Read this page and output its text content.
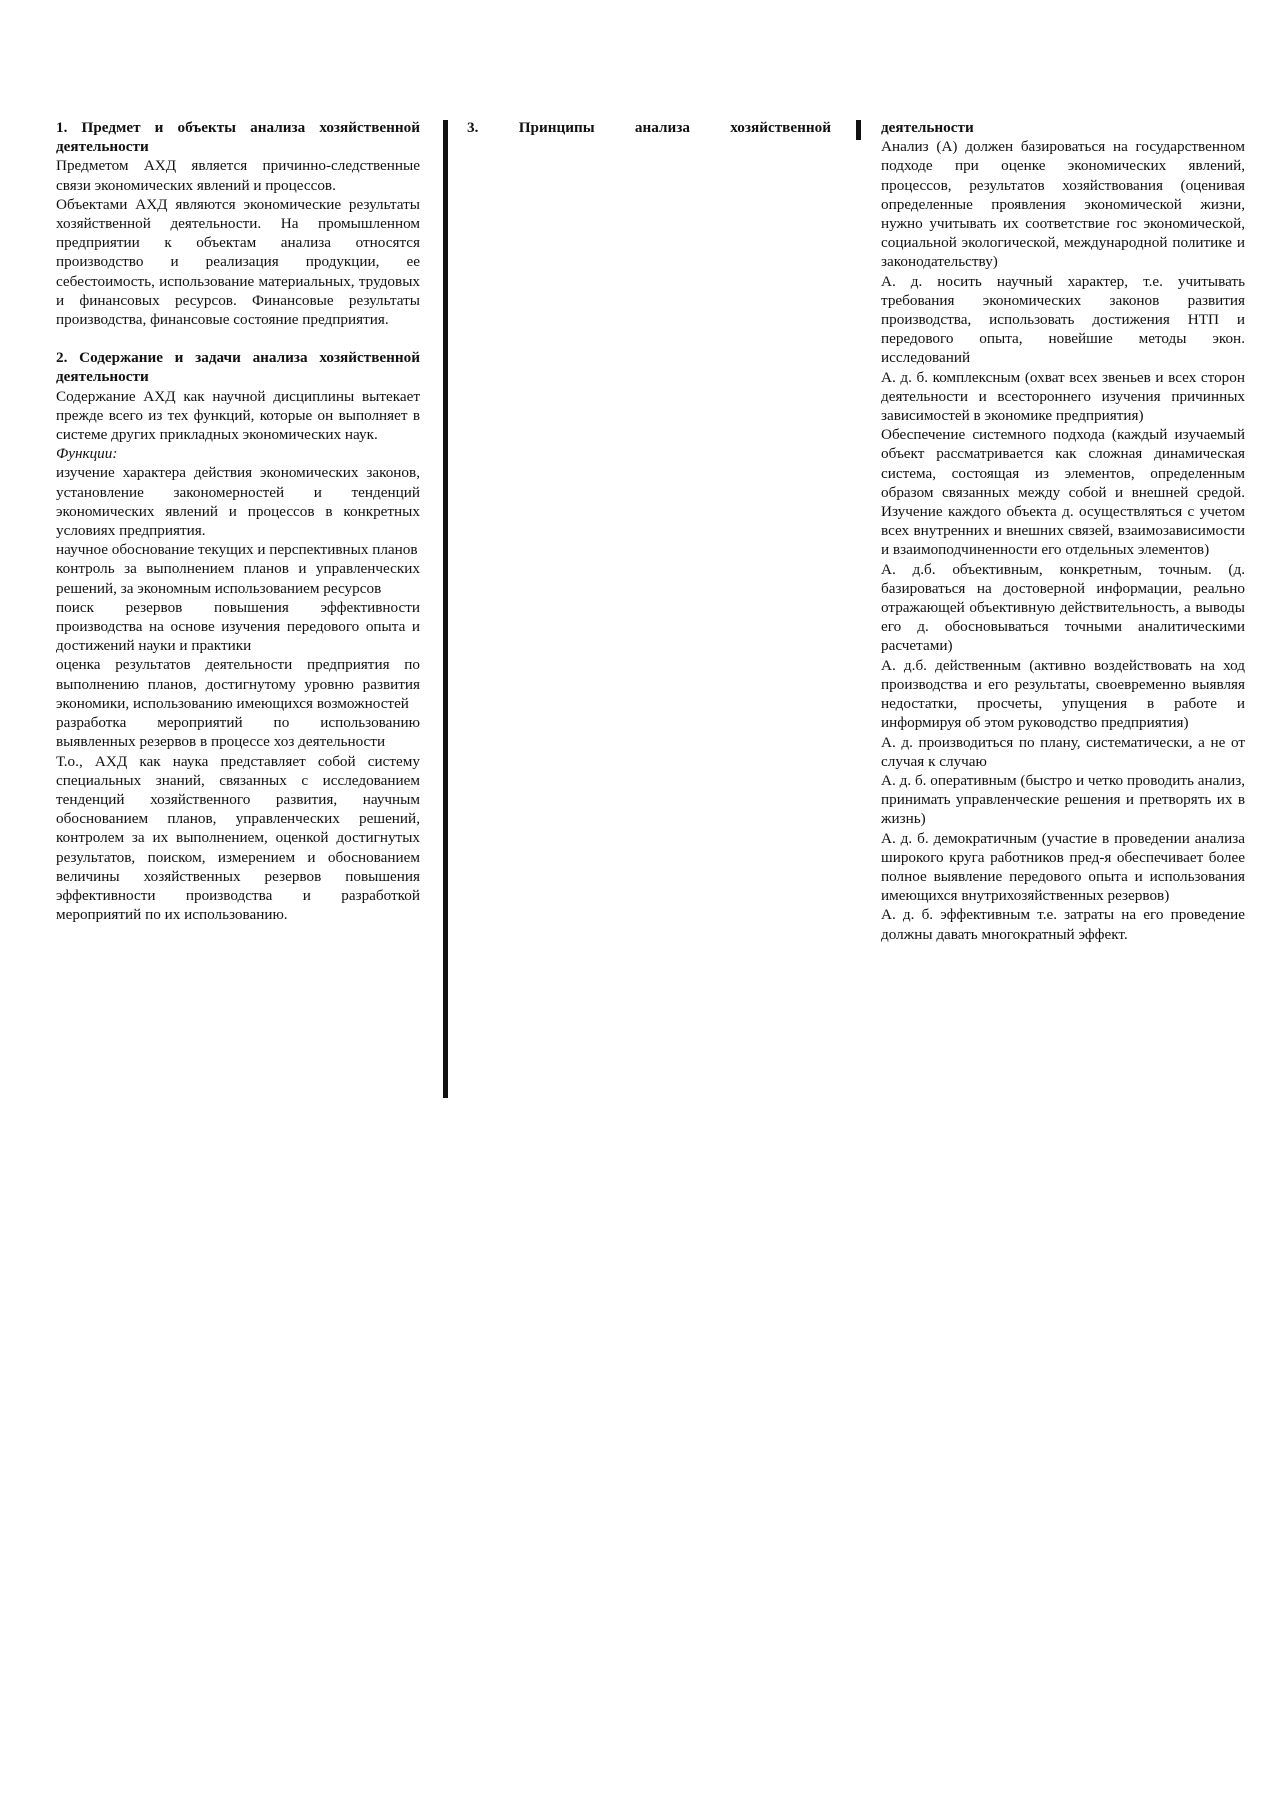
1. Предмет и объекты анализа хозяйственной деятельности

Предметом АХД является причинно-следственные связи экономических явлений и процессов.

Объектами АХД являются экономические результаты хозяйственной деятельности. На промышленном предприятии к объектам анализа относятся производство и реализация продукции, ее себестоимость, использование материальных, трудовых и финансовых ресурсов. Финансовые результаты производства, финансовые состояние предприятия.

2. Содержание и задачи анализа хозяйственной деятельности

Содержание АХД как научной дисциплины вытекает прежде всего из тех функций, которые он выполняет в системе других прикладных экономических наук.

Функции:

изучение характера действия экономических законов, установление закономерностей и тенденций экономических явлений и процессов в конкретных условиях предприятия.

научное обоснование текущих и перспективных планов

контроль за выполнением планов и управленческих решений, за экономным использованием ресурсов

поиск резервов повышения эффективности производства на основе изучения передового опыта и достижений науки и практики

оценка результатов деятельности предприятия по выполнению планов, достигнутому уровню развития экономики, использованию имеющихся возможностей

разработка мероприятий по использованию выявленных резервов в процессе хоз деятельности

Т.о., АХД как наука представляет собой систему специальных знаний, связанных с исследованием тенденций хозяйственного развития, научным обоснованием планов, управленческих решений, контролем за их выполнением, оценкой достигнутых результатов, поиском, измерением и обоснованием величины хозяйственных резервов повышения эффективности производства и разработкой мероприятий по их использованию.

3.	Принципы	анализа	хозяйственной	деятельности

Анализ (А) должен базироваться на государственном подходе при оценке экономических явлений, процессов, результатов хозяйствования (оценивая определенные проявления экономической жизни, нужно учитывать их соответствие гос экономической, социальной экологической, международной политике и законодательству)

А. д. носить научный характер, т.е. учитывать требования экономических законов развития производства, использовать достижения НТП и передового опыта, новейшие методы экон. исследований

А. д. б. комплексным (охват всех звеньев и всех сторон деятельности и всестороннего изучения причинных зависимостей в экономике предприятия)

Обеспечение системного подхода (каждый изучаемый объект рассматривается как сложная динамическая система, состоящая из элементов, определенным образом связанных между собой и внешней средой. Изучение каждого объекта д. осуществляться с учетом всех внутренних и внешних связей, взаимозависимости и взаимоподчиненности его отдельных элементов)

А. д.б. объективным, конкретным, точным. (д. базироваться на достоверной информации, реально отражающей объективную действительность, а выводы его д. обосновываться точными аналитическими расчетами)

А. д.б. действенным (активно воздействовать на ход производства и его результаты, своевременно выявляя недостатки, просчеты, упущения в работе и информируя об этом руководство предприятия)

А. д. производиться по плану, систематически, а не от случая к случаю

А. д. б. оперативным (быстро и четко проводить анализ, принимать управленческие решения и претворять их в жизнь)

А. д. б. демократичным (участие в проведении анализа широкого круга работников пред-я обеспечивает более полное выявление передового опыта и использования имеющихся внутрихозяйственных резервов)

А. д. б. эффективным т.е. затраты на его проведение должны давать многократный эффект.
